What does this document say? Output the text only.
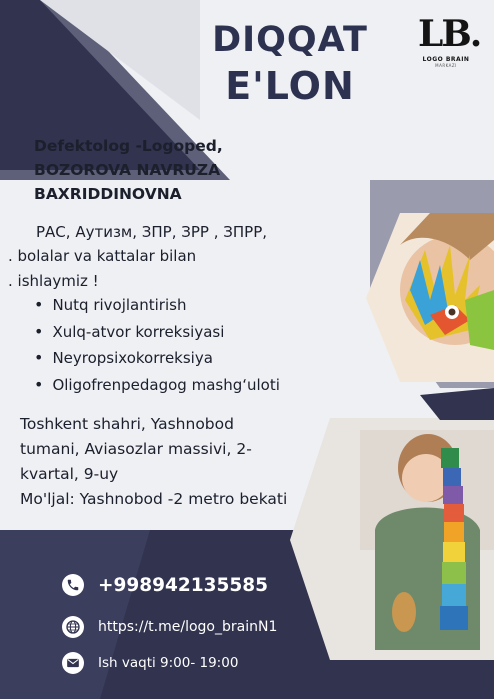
DIQQAT
E'LON
LB.
LOGO BRAIN
MARKAZI
Defektolog -Logoped,
BOZOROVA NAVRUZA
BAXRIDDINOVNA
РАС, Аутизм, ЗПР, ЗРР , ЗПРР,
. bolalar va kattalar bilan
. ishlaymiz !
• Nutq rivojlantirish
• Xulq-atvor korreksiyasi
• Neyropsixokorreksiya
• Oligofrenpedagog mashg‘uloti
Toshkent shahri, Yashnobod
tumani, Aviasozlar massivi, 2-
kvartal, 9-uy
Mo'ljal: Yashnobod -2 metro bekati
+998942135585
https://t.me/logo_brainN1
Ish vaqti 9:00- 19:00
